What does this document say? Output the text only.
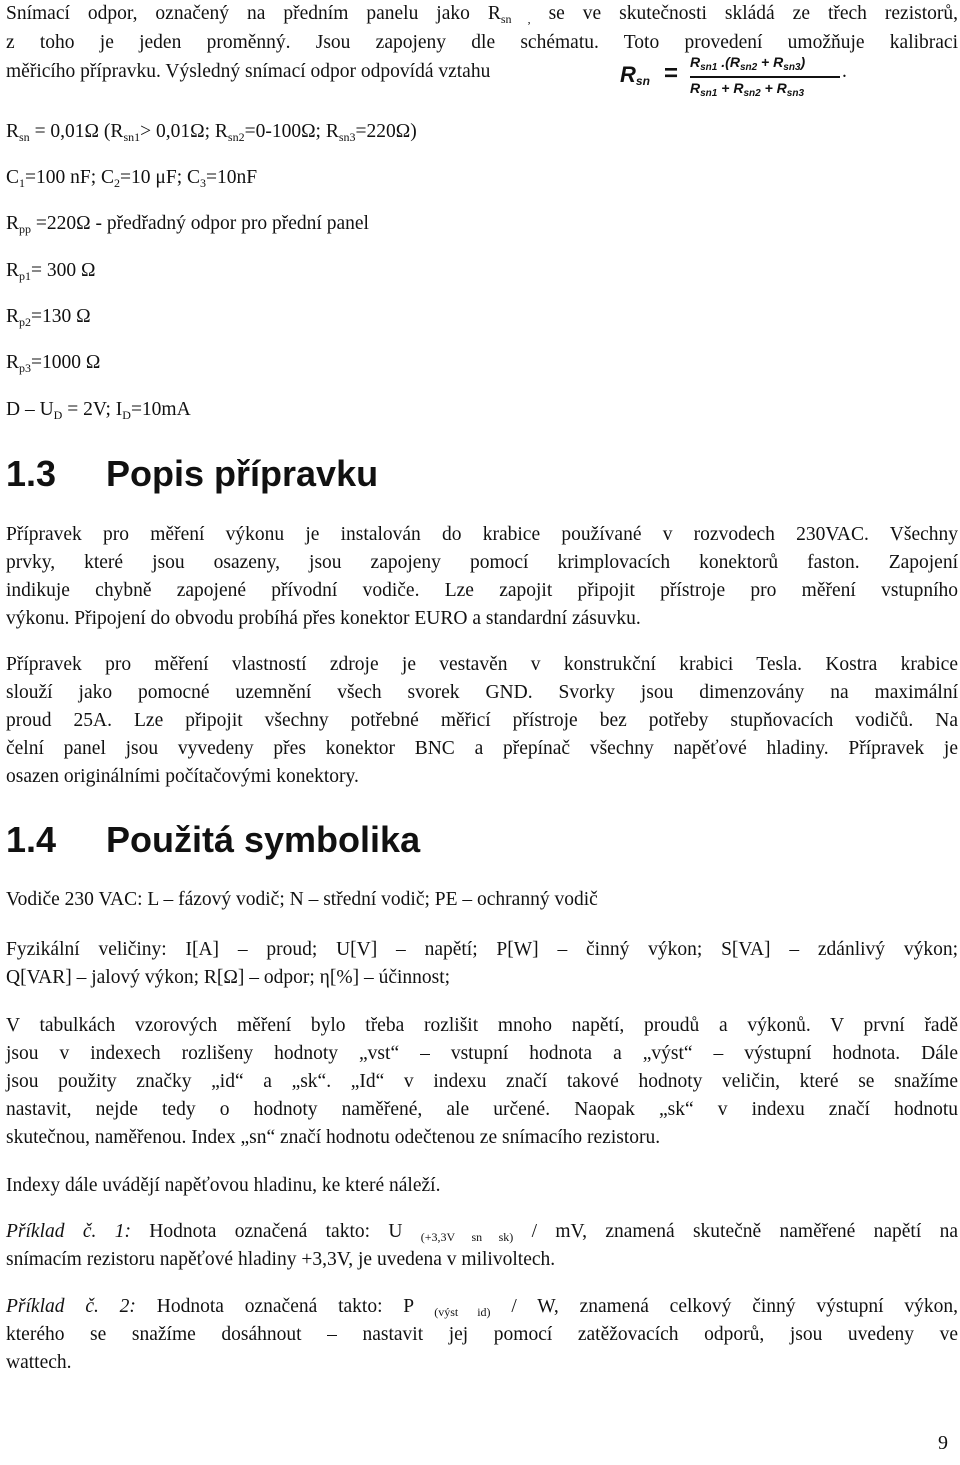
Snímací odpor, označený na předním panelu jako $R_{sn ,}$ se ve skutečnosti skládá ze třech rezistorů,
z toho je jeden proměnný. Jsou zapojeny dle schématu. Toto provedení umožňuje kalibraci
měřicího přípravku. Výsledný snímací odpor odpovídá vztahu	$R_{sn} = R_{sn1}$ $.(R_{sn2} + R_{sn3})$
$R_{sn1} + R_{sn2} + R_{sn3}$
.
$R_{sn} = 0,01\Omega$ ($R_{sn1}> 0,01\Omega$; $R_{sn2}=0-100\Omega$; $R_{sn3}=220\Omega$)
$C_1=100$ nF; $C_2=10$ μF; $C_3=10nF$
$R_{pp} =220\Omega$ - předřadný odpor pro přední panel
$R_{p1}= 300$ Ω
$R_{p2}=130$ Ω
$R_{p3}=1000$ Ω
$D - U_D = 2V$; $I_D=10mA$
1.3 Popis přípravku
Přípravek pro měření výkonu je instalován do krabice používané v rozvodech 230VAC. Všechny
prvky, které jsou osazeny, jsou zapojeny pomocí krimplovacích konektorů faston. Zapojení
indikuje chybně zapojené přívodní vodiče. Lze zapojit připojit přístroje pro měření vstupního
výkonu. Připojení do obvodu probíhá přes konektor EURO a standardní zásuvku.
Přípravek pro měření vlastností zdroje je vestavěn v konstrukční krabici Tesla. Kostra krabice
slouží jako pomocné uzemnění všech svorek GND. Svorky jsou dimenzovány na maximální
proud 25A. Lze připojit všechny potřebné měřicí přístroje bez potřeby stupňovacích vodičů. Na
čelní panel jsou vyvedeny přes konektor BNC a přepínač všechny napěťové hladiny. Přípravek je
osazen originálními počítačovými konektory.
1.4 Použitá symbolika
Vodiče 230 VAC: L – fázový vodič; N – střední vodič; PE – ochranný vodič
Fyzikální veličiny: I[A] – proud; U[V] – napětí; P[W] – činný výkon; S[VA] – zdánlivý výkon;
Q[VAR] – jalový výkon; R[Ω] – odpor; η[%] – účinnost;
V tabulkách vzorových měření bylo třeba rozlišit mnoho napětí, proudů a výkonů. V první řadě
jsou v indexech rozlišeny hodnoty „vst“ – vstupní hodnota a „výst“ – výstupní hodnota. Dále
jsou použity značky „id“ a „sk“. „Id“ v indexu značí takové hodnoty veličin, které se snažíme
nastavit, nejde tedy o hodnoty naměřené, ale určené. Naopak „sk“ v indexu značí hodnotu
skutečnou, naměřenou. Index „sn“ značí hodnotu odečtenou ze snímacího rezistoru.
Indexy dále uvádějí napěťovou hladinu, ke které náleží.
Příklad č. 1: Hodnota označená takto: U $_{(+3,3V sn sk)}$ / mV, znamená skutečně naměřené napětí na
snímacím rezistoru napěťové hladiny +3,3V, je uvedena v milivoltech.
Příklad č. 2: Hodnota označená takto: P $_{(výst id)}$ / W, znamená celkový činný výstupní výkon,
kterého se snažíme dosáhnout – nastavit jej pomocí zatěžovacích odporů, jsou uvedeny ve
wattech.
9
